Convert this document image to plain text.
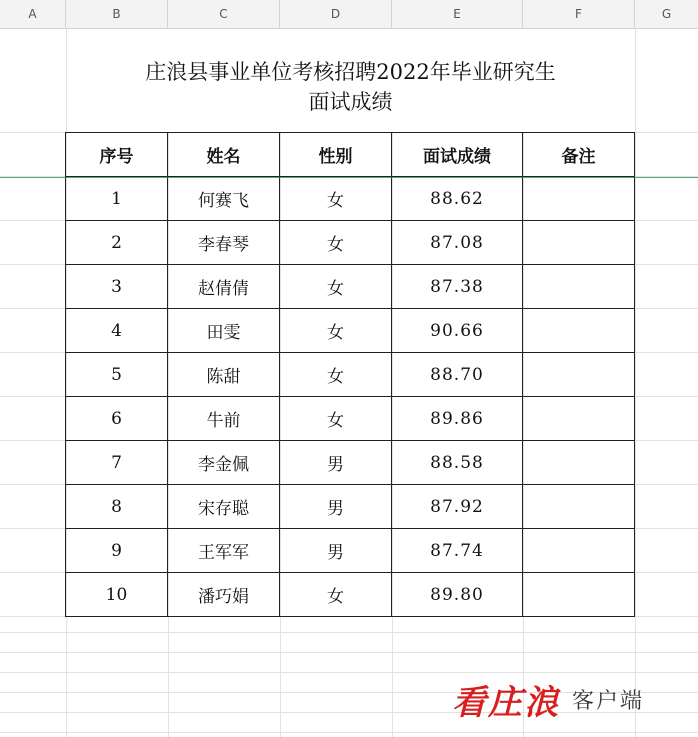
A	B	C	D	E	F	G
庄浪县事业单位考核招聘2022年毕业研究生
面试成绩
序号	姓名	性别	面试成绩	备注
1	何赛飞	女	88.62	
2	李春琴	女	87.08	
3	赵倩倩	女	87.38	
4	田雯	女	90.66	
5	陈甜	女	88.70	
6	牛前	女	89.86	
7	李金佩	男	88.58	
8	宋存聪	男	87.92	
9	王军军	男	87.74	
10	潘巧娟	女	89.80	
看庄浪 客户端
